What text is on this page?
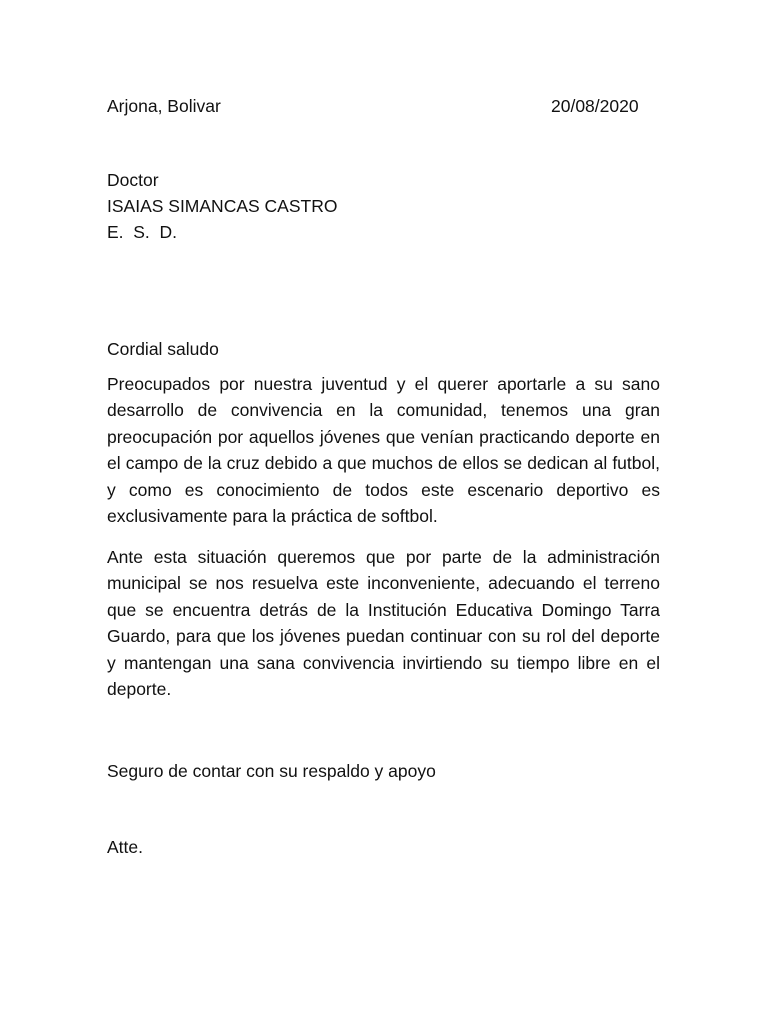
Arjona, Bolivar	20/08/2020
Doctor
ISAIAS SIMANCAS CASTRO
E.  S.  D.
Cordial saludo

Preocupados por nuestra juventud y el querer aportarle a su sano desarrollo de convivencia en la comunidad, tenemos una gran preocupación por aquellos jóvenes que venían practicando deporte en el campo de la cruz debido a que muchos de ellos se dedican al futbol, y como es conocimiento de todos este escenario deportivo es exclusivamente para la práctica de softbol.

Ante esta situación queremos que por parte de la administración municipal se nos resuelva este inconveniente, adecuando el terreno que se encuentra detrás de la Institución Educativa Domingo Tarra Guardo, para que los jóvenes puedan continuar con su rol del deporte y mantengan una sana convivencia invirtiendo su tiempo libre en el deporte.

Seguro de contar con su respaldo y apoyo
Atte.
